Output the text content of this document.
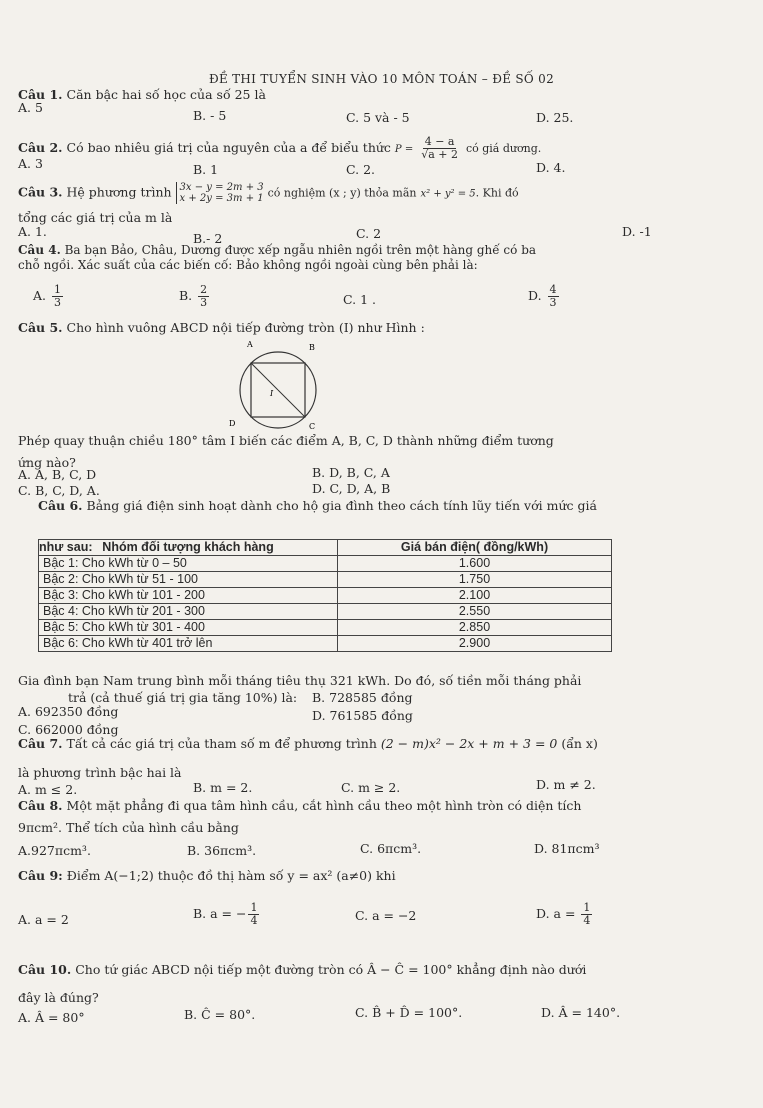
ĐỀ THI TUYỂN SINH VÀO 10 MÔN TOÁN – ĐỀ SỐ 02
Câu 1. Căn bậc hai số học của số 25 là
A. 5
B. - 5	C. 5 và - 5	D. 25.
Câu 2. Có bao nhiêu giá trị của nguyên của a để biểu thức $P = \frac{4 - a}{√a + 2}$ có giá dương.
A. 3	B. 1	C. 2.	D. 4.
Câu 3. Hệ phương trình 3x − y = 2m + 3
x + 2y = 3m + 1 có nghiệm (x ; y) thỏa mãn x² + y² = 5. Khi đó
tổng các giá trị của m là
A. 1.	B.- 2	C. 2	D. -1
Câu 4. Ba bạn Bảo, Châu, Dương được xếp ngẫu nhiên ngồi trên một hàng ghế có ba
chỗ ngồi. Xác suất của các biến cố: Bảo không ngồi ngoài cùng bên phải là:
A. $\frac{1}{3}$	B. $\frac{2}{3}$	C. 1 .	D. $\frac{4}{3}$
Câu 5. Cho hình vuông ABCD nội tiếp đường tròn (I) như Hình :
A	B
C
D
I
Phép quay thuận chiều 180° tâm I biến các điểm A, B, C, D thành những điểm tương
ứng nào?
A. A, B, C, D	B. D, B, C, A
C. B, C, D, A.	D. C, D, A, B
Câu 6. Bảng giá điện sinh hoạt dành cho hộ gia đình theo cách tính lũy tiến với mức giá
Nhóm đối tượng khách hàng	Giá bán điện( đồng/kWh)
Bậc 1: Cho kWh từ 0 – 50	1.600
Bậc 2: Cho kWh từ 51 - 100	1.750
Bậc 3: Cho kWh từ 101 - 200	2.100
Bậc 4: Cho kWh từ 201 - 300	2.550
Bậc 5: Cho kWh từ 301 - 400	2.850
Bậc 6: Cho kWh từ 401 trở lên	2.900
như sau:
Gia đình bạn Nam trung bình mỗi tháng tiêu thụ 321 kWh. Do đó, số tiền mỗi tháng phải
trả (cả thuế giá trị gia tăng 10%) là:
A. 692350 đồng
B. 728585 đồng
C. 662000 đồng
D. 761585 đồng
Câu 7. Tất cả các giá trị của tham số m để phương trình (2 − m)x² − 2x + m + 3 = 0 (ẩn x)
là phương trình bậc hai là
A. m ≤ 2.	B. m = 2.	C. m ≥ 2.	D. m ≠ 2.
Câu 8. Một mặt phẳng đi qua tâm hình cầu, cắt hình cầu theo một hình tròn có diện tích
9πcm². Thể tích của hình cầu bằng
A.927πcm³.	B. 36πcm³.	C. 6πcm³.	D. 81πcm³
Câu 9: Điểm A(−1;2) thuộc đồ thị hàm số y = ax² (a≠0) khi
A. a = 2	B. a = − $\frac{1}{4}$	C. a = −2	D. $a = \frac{1}{4}$
Câu 10. Cho tứ giác ABCD nội tiếp một đường tròn có Â − Ĉ = 100° khẳng định nào dưới
đây là đúng?
A. Â = 80°	B. Ĉ = 80°.	C. B̂ + D̂ = 100°.	D. Â = 140°.
